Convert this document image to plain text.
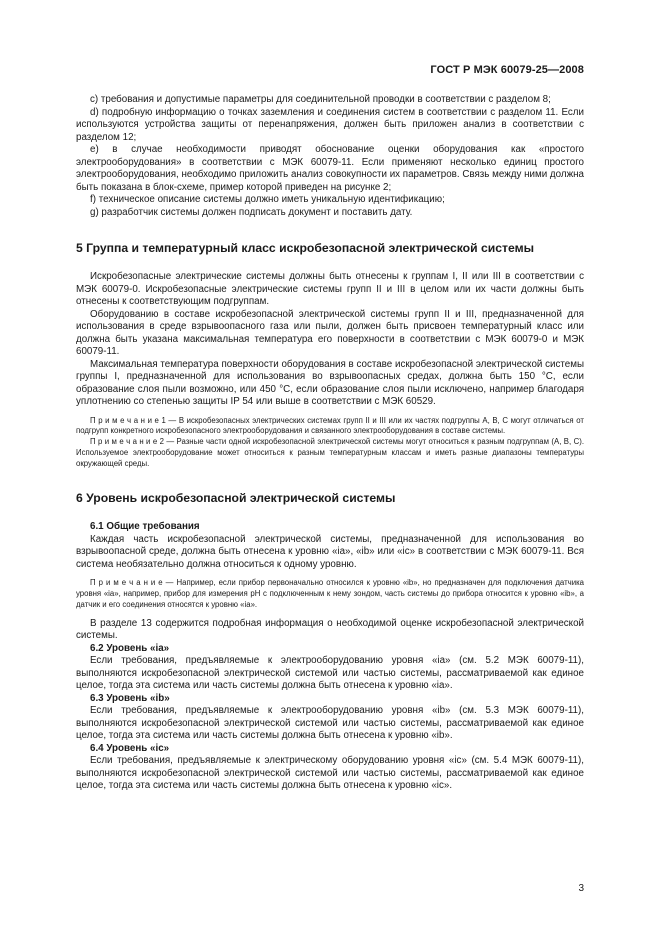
ГОСТ Р МЭК 60079-25—2008

c) требования и допустимые параметры для соединительной проводки в соответствии с разделом 8;

d) подробную информацию о точках заземления и соединения систем в соответствии с разделом 11. Если используются устройства защиты от перенапряжения, должен быть приложен анализ в соответствии с разделом 12;

e) в случае необходимости приводят обоснование оценки оборудования как «простого электрооборудования» в соответствии с МЭК 60079-11. Если применяют несколько единиц простого электрооборудования, необходимо приложить анализ совокупности их параметров. Связь между ними должна быть показана в блок-схеме, пример которой приведен на рисунке 2;

f) техническое описание системы должно иметь уникальную идентификацию;

g) разработчик системы должен подписать документ и поставить дату.

5 Группа и температурный класс искробезопасной электрической системы

Искробезопасные электрические системы должны быть отнесены к группам I, II или III в соответствии с МЭК 60079-0. Искробезопасные электрические системы групп II и III в целом или их части должны быть отнесены к соответствующим подгруппам.

Оборудованию в составе искробезопасной электрической системы групп II и III, предназначенной для использования в среде взрывоопасного газа или пыли, должен быть присвоен температурный класс или должна быть указана максимальная температура его поверхности в соответствии с МЭК 60079-0 и МЭК 60079-11.

Максимальная температура поверхности оборудования в составе искробезопасной электрической системы группы I, предназначенной для использования во взрывоопасных средах, должна быть 150 °C, если образование слоя пыли возможно, или 450 °C, если образование слоя пыли исключено, например благодаря уплотнению со степенью защиты IP 54 или выше в соответствии с МЭК 60529.

П р и м е ч а н и е 1 — В искробезопасных электрических системах групп II и III или их частях подгруппы A, B, C могут отличаться от подгрупп конкретного искробезопасного электрооборудования и связанного электрооборудования в составе системы.

П р и м е ч а н и е 2 — Разные части одной искробезопасной электрической системы могут относиться к разным подгруппам (A, B, C). Используемое электрооборудование может относиться к разным температурным классам и иметь разные диапазоны температуры окружающей среды.

6 Уровень искробезопасной электрической системы

6.1 Общие требования

Каждая часть искробезопасной электрической системы, предназначенной для использования во взрывоопасной среде, должна быть отнесена к уровню «ia», «ib» или «ic» в соответствии с МЭК 60079-11. Вся система необязательно должна относиться к одному уровню.

П р и м е ч а н и е — Например, если прибор первоначально относился к уровню «ib», но предназначен для подключения датчика уровня «ia», например, прибор для измерения pH с подключенным к нему зондом, часть системы до прибора относится к уровню «ib», а датчик и его соединения относятся к уровню «ia».

В разделе 13 содержится подробная информация о необходимой оценке искробезопасной электрической системы.

6.2 Уровень «ia»

Если требования, предъявляемые к электрооборудованию уровня «ia» (см. 5.2 МЭК 60079-11), выполняются искробезопасной электрической системой или частью системы, рассматриваемой как единое целое, тогда эта система или часть системы должна быть отнесена к уровню «ia».

6.3 Уровень «ib»

Если требования, предъявляемые к электрооборудованию уровня «ib» (см. 5.3 МЭК 60079-11), выполняются искробезопасной электрической системой или частью системы, рассматриваемой как единое целое, тогда эта система или часть системы должна быть отнесена к уровню «ib».

6.4 Уровень «ic»

Если требования, предъявляемые к электрическому оборудованию уровня «ic» (см. 5.4 МЭК 60079-11), выполняются искробезопасной электрической системой или частью системы, рассматриваемой как единое целое, тогда эта система или часть системы должна быть отнесена к уровню «ic».

3
